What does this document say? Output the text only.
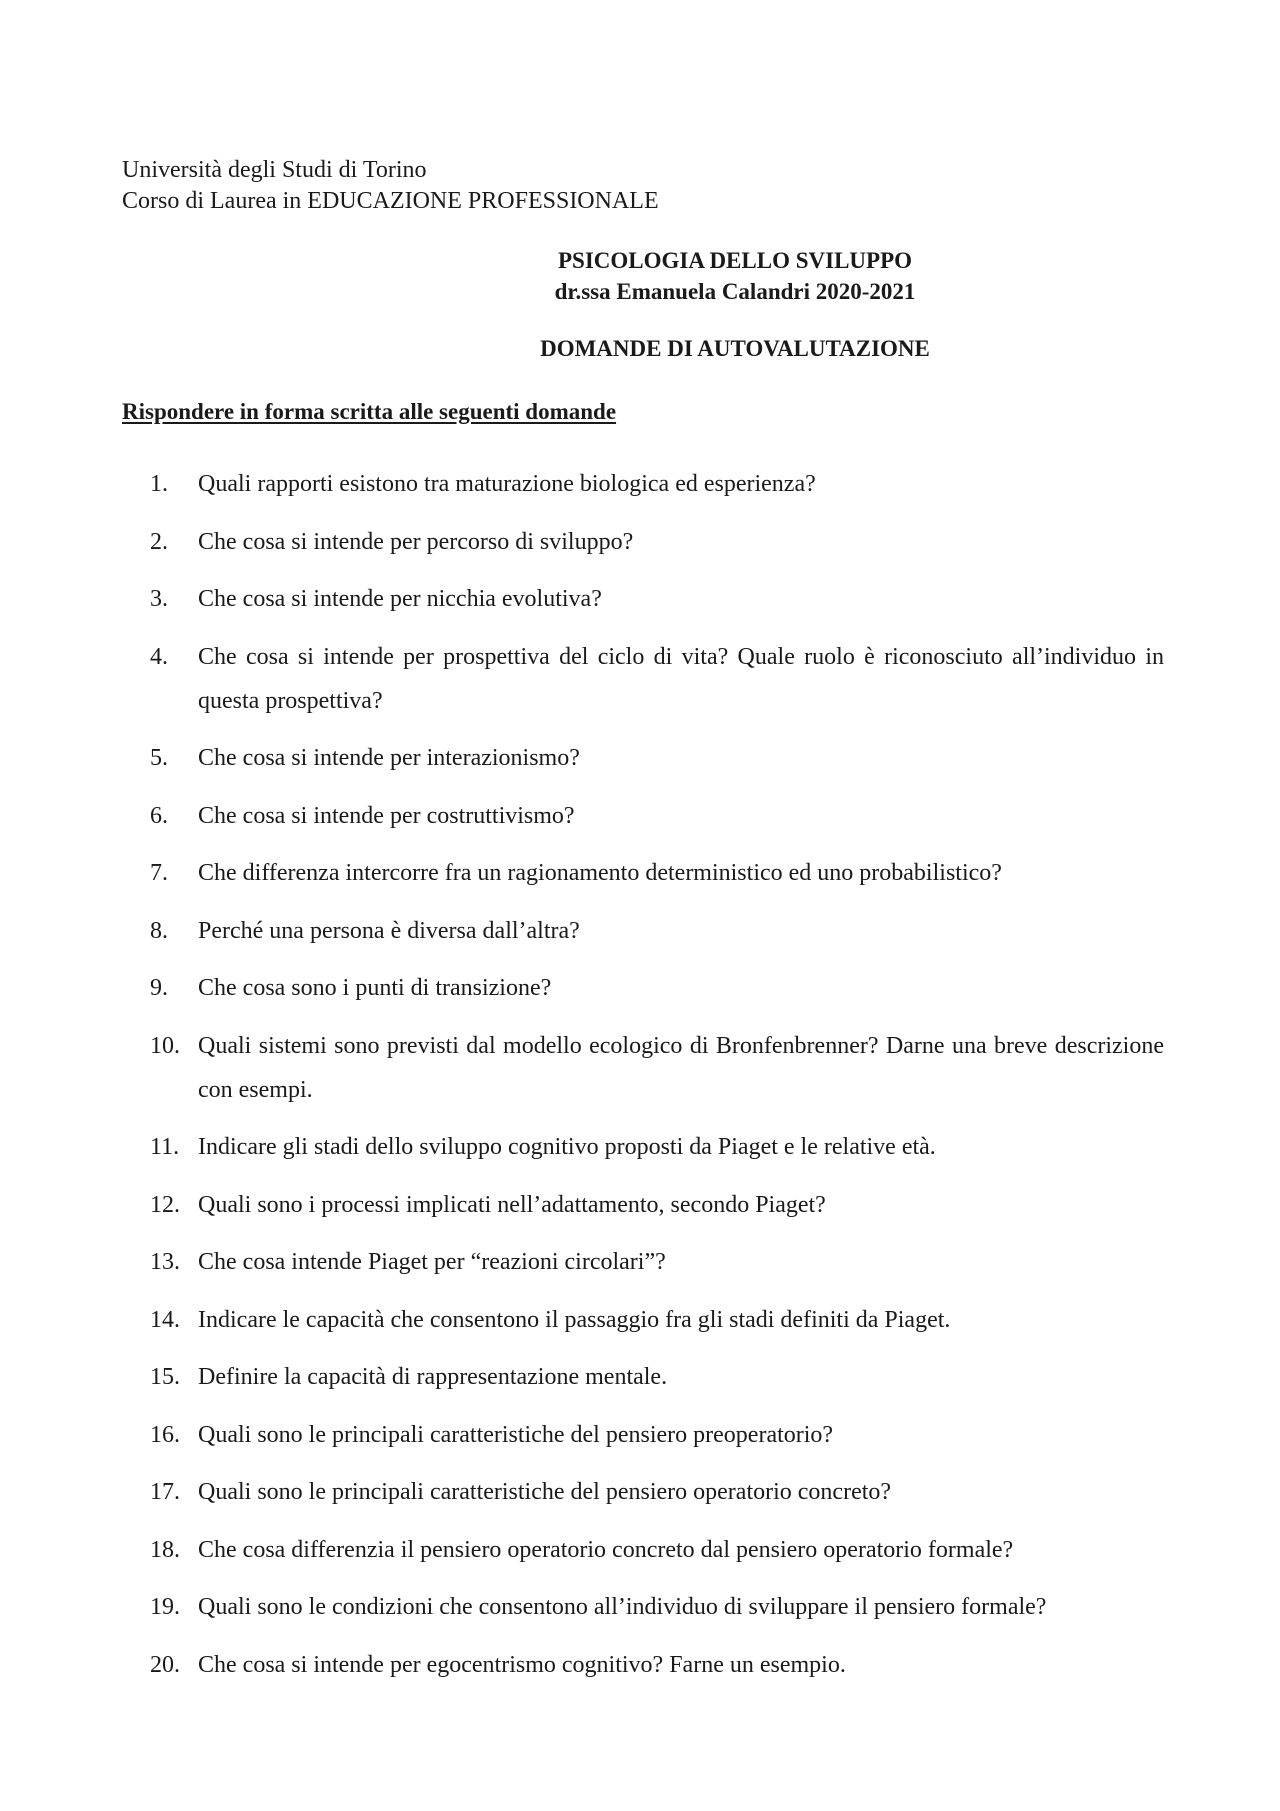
Università degli Studi di Torino
Corso di Laurea in EDUCAZIONE PROFESSIONALE
PSICOLOGIA DELLO SVILUPPO
dr.ssa Emanuela Calandri 2020-2021
DOMANDE DI AUTOVALUTAZIONE
Rispondere in forma scritta alle seguenti domande
1.	Quali rapporti esistono tra maturazione biologica ed esperienza?
2.	Che cosa si intende per percorso di sviluppo?
3.	Che cosa si intende per nicchia evolutiva?
4.	Che cosa si intende per prospettiva del ciclo di vita? Quale ruolo è riconosciuto all’individuo in questa prospettiva?
5.	Che cosa si intende per interazionismo?
6.	Che cosa si intende per costruttivismo?
7.	Che differenza intercorre fra un ragionamento deterministico ed uno probabilistico?
8.	Perché una persona è diversa dall’altra?
9.	Che cosa sono i punti di transizione?
10. Quali sistemi sono previsti dal modello ecologico di Bronfenbrenner? Darne una breve descrizione con esempi.
11. Indicare gli stadi dello sviluppo cognitivo proposti da Piaget e le relative età.
12. Quali sono i processi implicati nell’adattamento, secondo Piaget?
13. Che cosa intende Piaget per “reazioni circolari”?
14. Indicare le capacità che consentono il passaggio fra gli stadi definiti da Piaget.
15. Definire la capacità di rappresentazione mentale.
16. Quali sono le principali caratteristiche del pensiero preoperatorio?
17. Quali sono le principali caratteristiche del pensiero operatorio concreto?
18. Che cosa differenzia il pensiero operatorio concreto dal pensiero operatorio formale?
19. Quali sono le condizioni che consentono all’individuo di sviluppare il pensiero formale?
20. Che cosa si intende per egocentrismo cognitivo? Farne un esempio.
